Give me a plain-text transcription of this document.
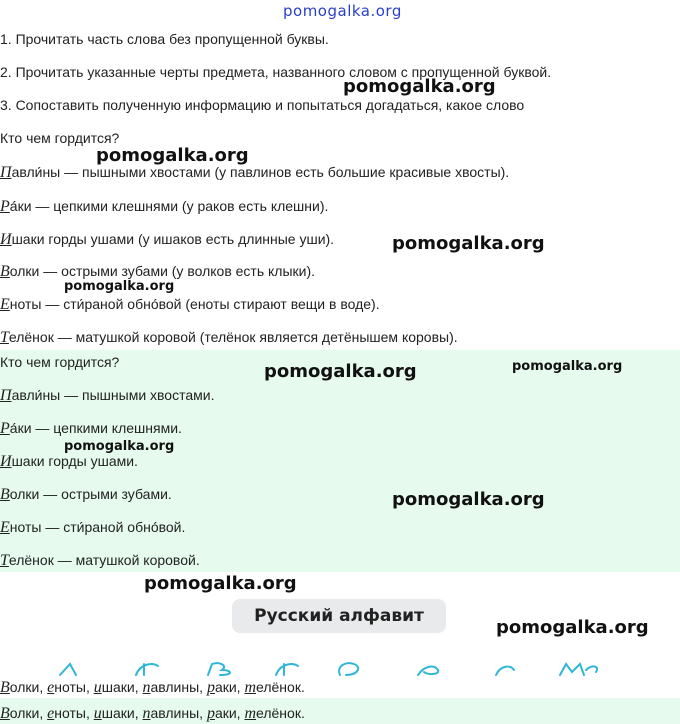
pomogalka.org
1. Прочитать часть слова без пропущенной буквы.
2. Прочитать указанные черты предмета, названного словом с пропущенной буквой.
3. Сопоставить полученную информацию и попытаться догадаться, какое слово
pomogalka.org
Кто чем гордится?
pomogalka.org
Павли́ны — пышными хвостами (у павлинов есть большие красивые хвосты).
Ра́ки — цепкими клешнями (у раков есть клешни).
Ишаки горды ушами (у ишаков есть длинные уши).	pomogalka.org
Волки — острыми зубами (у волков есть клыки).
pomogalka.org
Еноты — сти́раной обно́вой (еноты стирают вещи в воде).
Телёнок — матушкой коровой (телёнок является детёнышем коровы).
Кто чем гордится?	pomogalka.org	pomogalka.org
Павли́ны — пышными хвостами.
Ра́ки — цепкими клешнями.
pomogalka.org
Ишаки горды ушами.
Волки — острыми зубами.	pomogalka.org
Еноты — сти́раной обно́вой.
Телёнок — матушкой коровой.
pomogalka.org
Русский алфавит
pomogalka.org
Волки, еноты, ишаки, павлины, раки, телёнок.
Волки, еноты, ишаки, павлины, раки, телёнок.
